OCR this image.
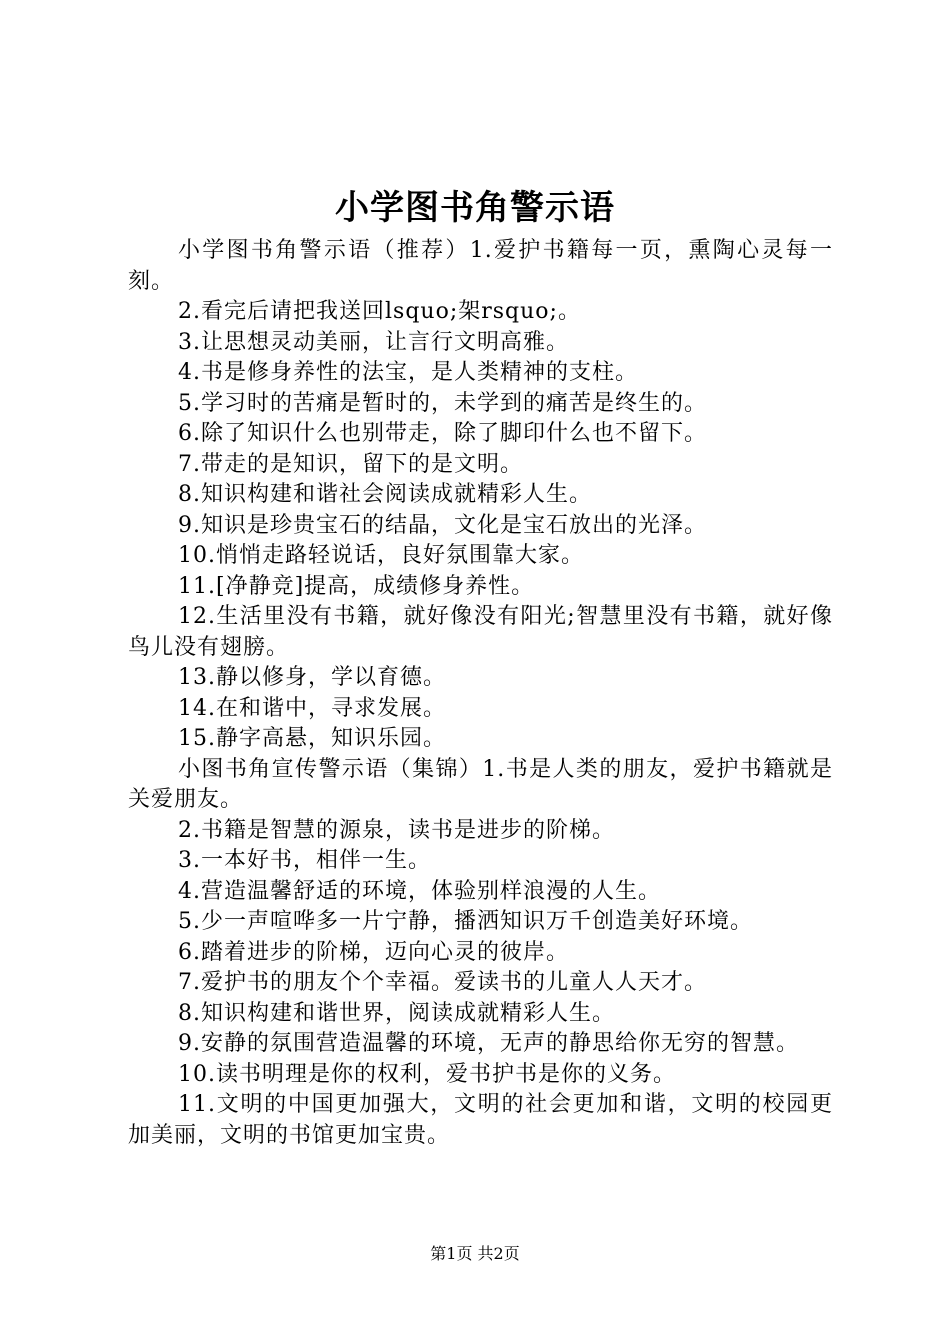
小学图书角警示语

小学图书角警示语（推荐）1.爱护书籍每一页，熏陶心灵每一刻。

2.看完后请把我送回lsquo;架rsquo;。

3.让思想灵动美丽，让言行文明高雅。

4.书是修身养性的法宝，是人类精神的支柱。

5.学习时的苦痛是暂时的，未学到的痛苦是终生的。

6.除了知识什么也别带走，除了脚印什么也不留下。

7.带走的是知识，留下的是文明。

8.知识构建和谐社会阅读成就精彩人生。

9.知识是珍贵宝石的结晶，文化是宝石放出的光泽。

10.悄悄走路轻说话，良好氛围靠大家。

11.[净静竞]提高，成绩修身养性。

12.生活里没有书籍，就好像没有阳光;智慧里没有书籍，就好像鸟儿没有翅膀。

13.静以修身，学以育德。

14.在和谐中，寻求发展。

15.静字高悬，知识乐园。

小图书角宣传警示语（集锦）1.书是人类的朋友，爱护书籍就是关爱朋友。

2.书籍是智慧的源泉，读书是进步的阶梯。

3.一本好书，相伴一生。

4.营造温馨舒适的环境，体验别样浪漫的人生。

5.少一声喧哗多一片宁静，播洒知识万千创造美好环境。

6.踏着进步的阶梯，迈向心灵的彼岸。

7.爱护书的朋友个个幸福。爱读书的儿童人人天才。

8.知识构建和谐世界，阅读成就精彩人生。

9.安静的氛围营造温馨的环境，无声的静思给你无穷的智慧。

10.读书明理是你的权利，爱书护书是你的义务。

11.文明的中国更加强大，文明的社会更加和谐，文明的校园更加美丽，文明的书馆更加宝贵。

第1页 共2页
